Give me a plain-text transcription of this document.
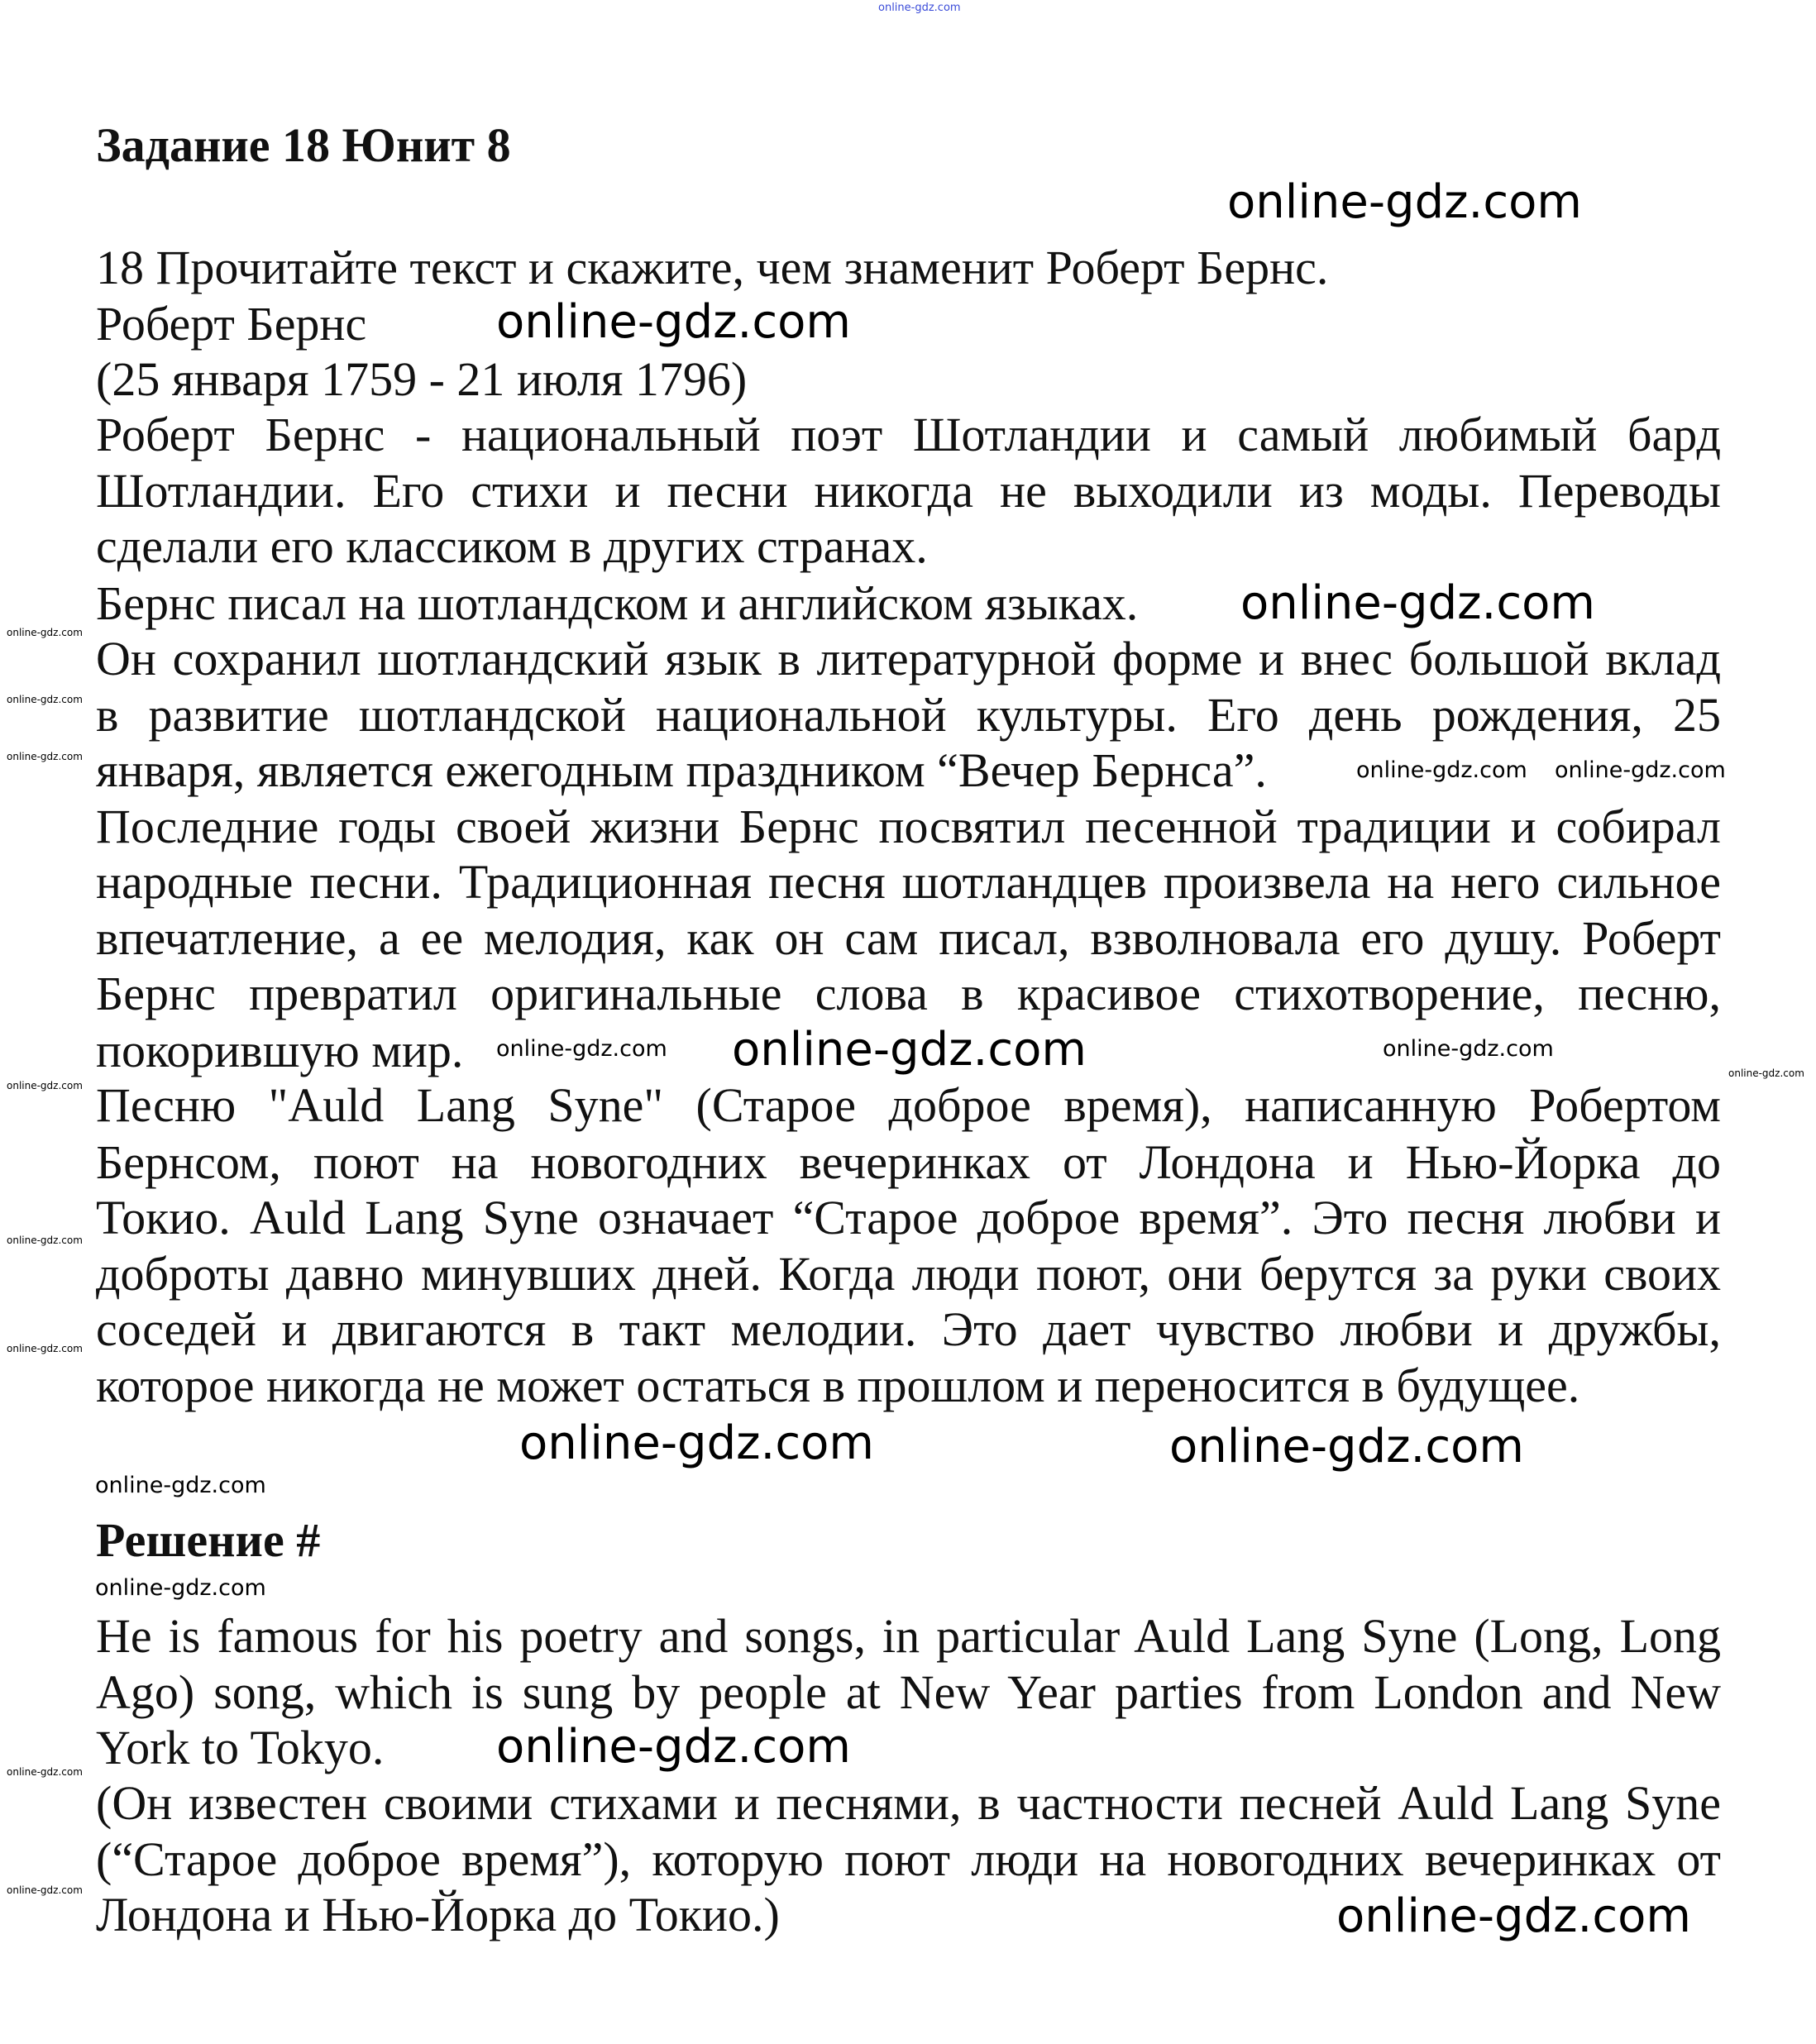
online-gdz.com
Задание 18 Юнит 8
18 Прочитайте текст и скажите, чем знаменит Роберт Бернс.
Роберт Бернс
(25 января 1759 - 21 июля 1796)
Роберт Бернс - национальный поэт Шотландии и самый любимый бард
Шотландии. Его стихи и песни никогда не выходили из моды. Переводы
сделали его классиком в других странах.
Бернс писал на шотландском и английском языках.
Он сохранил шотландский язык в литературной форме и внес большой вклад
в развитие шотландской национальной культуры. Его день рождения, 25
января, является ежегодным праздником “Вечер Бернса”.
Последние годы своей жизни Бернс посвятил песенной традиции и собирал
народные песни. Традиционная песня шотландцев произвела на него сильное
впечатление, а ее мелодия, как он сам писал, взволновала его душу. Роберт
Бернс превратил оригинальные слова в красивое стихотворение, песню,
покорившую мир.
Песню "Auld Lang Syne" (Старое доброе время), написанную Робертом
Бернсом, поют на новогодних вечеринках от Лондона и Нью-Йорка до
Токио. Auld Lang Syne означает “Старое доброе время”. Это песня любви и
доброты давно минувших дней. Когда люди поют, они берутся за руки своих
соседей и двигаются в такт мелодии. Это дает чувство любви и дружбы,
которое никогда не может остаться в прошлом и переносится в будущее.
Решение #
He is famous for his poetry and songs, in particular Auld Lang Syne (Long, Long
Ago) song, which is sung by people at New Year parties from London and New
York to Tokyo.
(Он известен своими стихами и песнями, в частности песней Auld Lang Syne
(“Старое доброе время”), которую поют люди на новогодних вечеринках от
Лондона и Нью-Йорка до Токио.)
online-gdz.com
online-gdz.com
online-gdz.com
online-gdz.com
online-gdz.com online-gdz.com
online-gdz.com
online-gdz.com
online-gdz.com online-gdz.com	online-gdz.com
online-gdz.com
online-gdz.com
online-gdz.com
online-gdz.com
online-gdz.com	online-gdz.com
online-gdz.com
online-gdz.com
online-gdz.com
online-gdz.com
online-gdz.com	online-gdz.com
